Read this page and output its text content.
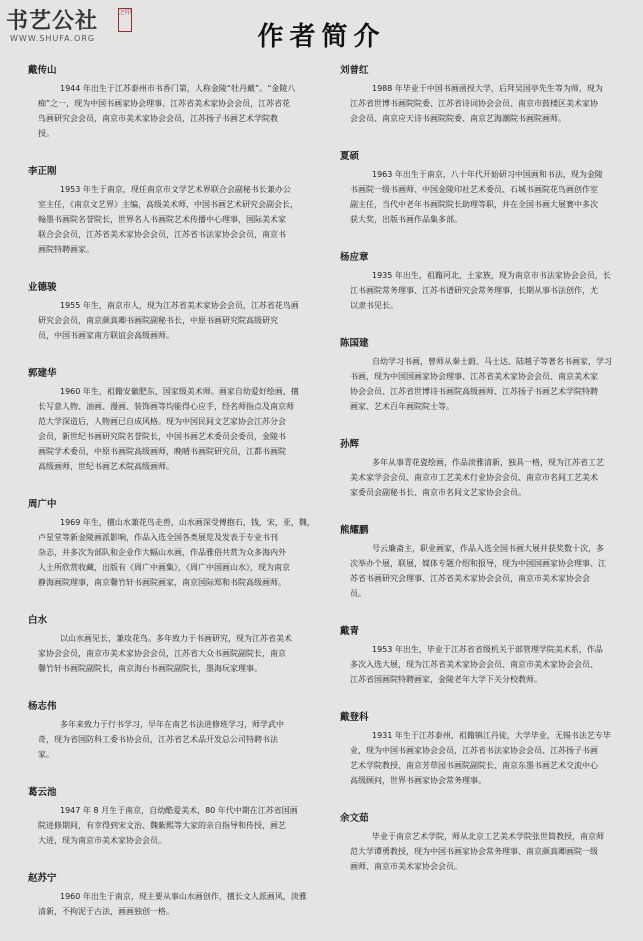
书艺公社	之印
WWW.SHUFA.ORG	作者简介
戴传山

1944 年出生于江苏泰州市书香门第，人称金陵“牡丹戴”。“金陵八
痴”之一，现为中国书画家协会理事、江苏省美术家协会会员，江苏省花
鸟画研究会会员，南京市美术家协会会员，江苏扬子书画艺术学院教
授。

李正刚

1953 年生于南京，现任南京市文学艺术界联合会副秘书长兼办公
室主任，《南京文艺界》主编，高级美术师，中国书画艺术研究会副会长，
翰墨书画院名誉院长，世界名人书画院艺术传播中心理事，国际美术家
联合会会员，江苏省美术家协会会员，江苏省书法家协会会员，南京书
画院特聘画家。

业德骏

1955 年生，南京市人，现为江苏省美术家协会会员，江苏省花鸟画
研究会会员，南京颜真卿书画院副秘书长，中原书画研究院高级研究
员，中国书画家南方联谊会高级画师。

郭建华

1960 年生，祖籍安徽肥东，国家级美术师。画家自幼爱好绘画，擅
长写意人物、油画、漫画、装饰画等均能得心应手，经名师指点及南京师
范大学深造后，人物画已自成风格。现为中国民间文艺家协会江苏分会
会员，新世纪书画研究院名誉院长，中国书画艺术委员会委员，金陵书
画院学术委员，中原书画院高级画师，晚晴书画院研究员，江都书画院
高级画师，世纪书画艺术院高级画师。

周广中

1969 年生，擅山水兼花鸟走兽，山水画深受傅抱石，钱，宋，亚，魏，
卢星堂等新金陵画派影响，作品入选全国各类展览及发表于专业书刊
杂志，并多次为部队和企业作大幅山水画，作品雅俗共赏为众多海内外
人士所欣赏收藏，出版有《周广中画集》，《周广中国画山水》，现为南京
静海画院理事，南京馨竹轩书画院画家，南京国际郑和书院高级画师。

白水

以山水画见长，兼攻花鸟。多年致力于书画研究，现为江苏省美术
家协会会员，南京市美术家协会会员，江苏省大众书画院副院长，南京
馨竹轩书画院副院长，南京海台书画院副院长，墨海玩家理事。

杨志伟

多年来致力于行书学习，早年在南艺书法进修班学习，师学武中
奇，现为省国防科工委书协会员，江苏省艺术品开发总公司特聘书法
家。

葛云池

1947 年 8 月生于南京，自幼酷爱美术，80 年代中期在江苏省国画
院进修期间，有幸得到宋文治、魏紫熙等大家的亲自指导和传授，画艺
大进，现为南京市美术家协会会员。

赵苏宁

1960 年出生于南京，现主要从事山水画创作，擅长文人派画风，淡雅
清新，不拘泥于古法，画画独创一格。

刘普红

1988 年毕业于中国书画函授大学，后拜吴国亭先生等为师，现为
江苏省世博书画院院委、江苏省诗词协会会员、南京市鼓楼区美术家协
会会员、南京应天诗书画院院委、南京艺海潮院书画院画师。

夏硕

1963 年出生于南京，八十年代开始研习中国画和书法，现为金陵
书画院一级书画师、中国金陵印社艺术委员、石城书画院花鸟画创作室
副主任，当代中老年书画院院长助理等职，并在全国书画大展赛中多次
获大奖，出版书画作品集多部。

杨应章

1935 年出生，祖籍河北，土家族，现为南京市书法家协会会员，长
江书画院常务理事、江苏书谱研究会常务理事，长期从事书法创作，尤
以隶书见长。

陈国建

自幼学习书画，曾师从秦士蔚、马士达、陆越子等著名书画家，学习
书画，现为中国国画家协会理事、江苏省美术家协会会员、南京美术家
协会会员、江苏省世博诗书画院高级画师、江苏扬子书画艺术学院特聘
画家、艺术百年画院院士等。

孙辉

多年从事青花瓷绘画，作品淡雅清新，独具一格，现为江苏省工艺
美术家学会会员、南京市工艺美术行业协会会员、南京市名间工艺美术
家委员会副秘书长、南京市名间文艺家协会会员。

熊耀鹏

号云廉斋主，职业画家，作品入选全国书画大展并获奖数十次，多
次举办个展，联展，媒体专题介绍和报导，现为中国国画家协会理事、江
苏省书画研究会理事、江苏省美术家协会会员，南京市美术家协会会
员。

戴青

1953 年出生，毕业于江苏省省级机关干部管理学院美术系，作品
多次入选大展，现为江苏省美术家协会会员、南京市美术家协会会员、
江苏省国画院特聘画家，金陵老年大学下关分校教师。

戴登科

1931 年生于江苏泰州，祖籍镇江丹徒，大学毕业，无锡书法艺专毕
业，现为中国书画家协会会员，江苏省书法家协会会员、江苏扬子书画
艺术学院教授、南京芳草园书画院副院长、南京东墨书画艺术交流中心
高级顾问，世界书画家协会常务理事。

余文茹

毕业于南京艺术学院，师从北京工艺美术学院张世简教授，南京师
范大学谭勇教授，现为中国书画家协会常务理事、南京颜真卿画院一级
画师、南京市美术家协会会员。
